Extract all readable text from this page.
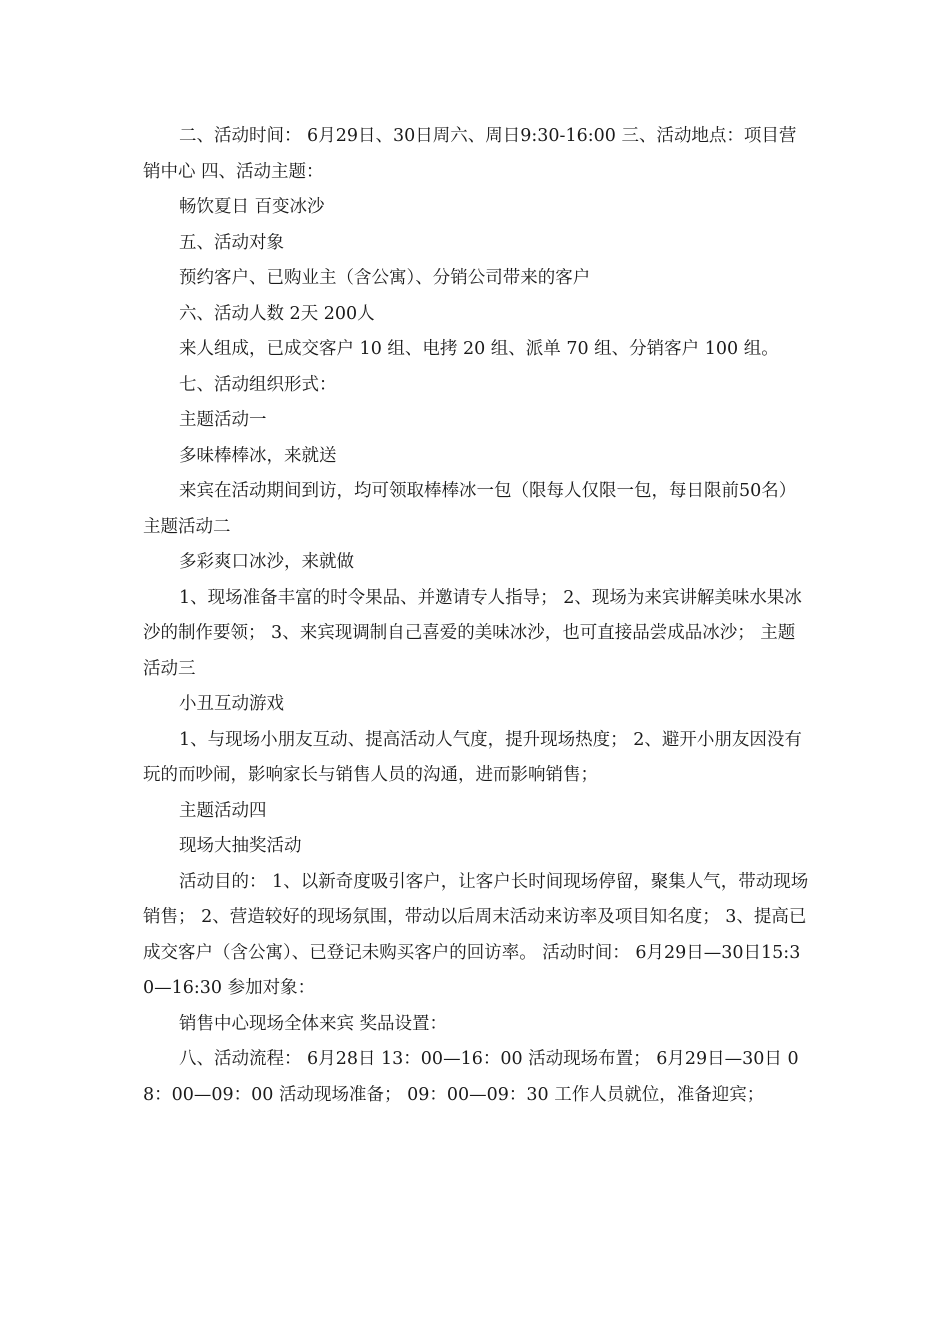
二、活动时间： 6月29日、30日周六、周日9:30-16:00 三、活动地点：项目营销中心 四、活动主题：

畅饮夏日 百变冰沙

五、活动对象

预约客户、已购业主（含公寓）、分销公司带来的客户

六、活动人数 2天 200人

来人组成，已成交客户 10 组、电拷 20 组、派单 70 组、分销客户 100 组。

七、活动组织形式：

主题活动一

多味棒棒冰，来就送

来宾在活动期间到访，均可领取棒棒冰一包（限每人仅限一包，每日限前50名） 主题活动二

多彩爽口冰沙，来就做

1、现场准备丰富的时令果品、并邀请专人指导； 2、现场为来宾讲解美味水果冰沙的制作要领； 3、来宾现调制自己喜爱的美味冰沙，也可直接品尝成品冰沙； 主题活动三

小丑互动游戏

1、与现场小朋友互动、提高活动人气度，提升现场热度； 2、避开小朋友因没有玩的而吵闹，影响家长与销售人员的沟通，进而影响销售；

主题活动四

现场大抽奖活动

活动目的： 1、以新奇度吸引客户，让客户长时间现场停留，聚集人气，带动现场销售； 2、营造较好的现场氛围，带动以后周末活动来访率及项目知名度； 3、提高已成交客户（含公寓）、已登记未购买客户的回访率。 活动时间： 6月29日—30日15:30—16:30 参加对象：

销售中心现场全体来宾 奖品设置：

八、活动流程： 6月28日 13：00—16：00 活动现场布置； 6月29日—30日 08：00—09：00 活动现场准备； 09：00—09：30 工作人员就位，准备迎宾；
